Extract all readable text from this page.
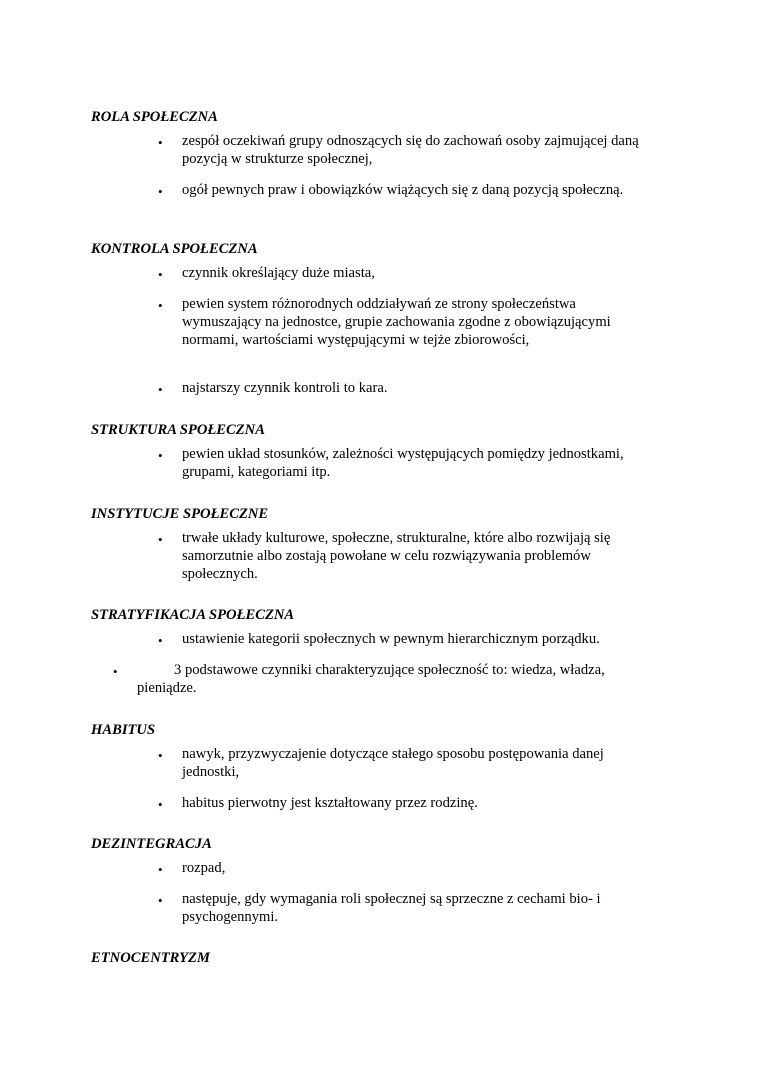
ROLA SPOŁECZNA

• zespół oczekiwań grupy odnoszących się do zachowań osoby zajmującej daną pozycją w strukturze społecznej,

• ogół pewnych praw i obowiązków wiążących się z daną pozycją społeczną.

KONTROLA SPOŁECZNA

• czynnik określający duże miasta,

• pewien system różnorodnych oddziaływań ze strony społeczeństwa wymuszający na jednostce, grupie zachowania zgodne z obowiązującymi normami, wartościami występującymi w tejże zbiorowości,

• najstarszy czynnik kontroli to kara.

STRUKTURA SPOŁECZNA

• pewien układ stosunków, zależności występujących pomiędzy jednostkami, grupami, kategoriami itp.

INSTYTUCJE SPOŁECZNE

• trwałe układy kulturowe, społeczne, strukturalne, które albo rozwijają się samorzutnie albo zostają powołane w celu rozwiązywania problemów społecznych.

STRATYFIKACJA SPOŁECZNA

• ustawienie kategorii społecznych w pewnym hierarchicznym porządku.

•	3 podstawowe czynniki charakteryzujące społeczność to: wiedza, władza, pieniądze.

HABITUS

• nawyk, przyzwyczajenie dotyczące stałego sposobu postępowania danej jednostki,

• habitus pierwotny jest kształtowany przez rodzinę.

DEZINTEGRACJA

• rozpad,

• następuje, gdy wymagania roli społecznej są sprzeczne z cechami bio- i psychogennymi.

ETNOCENTRYZM
